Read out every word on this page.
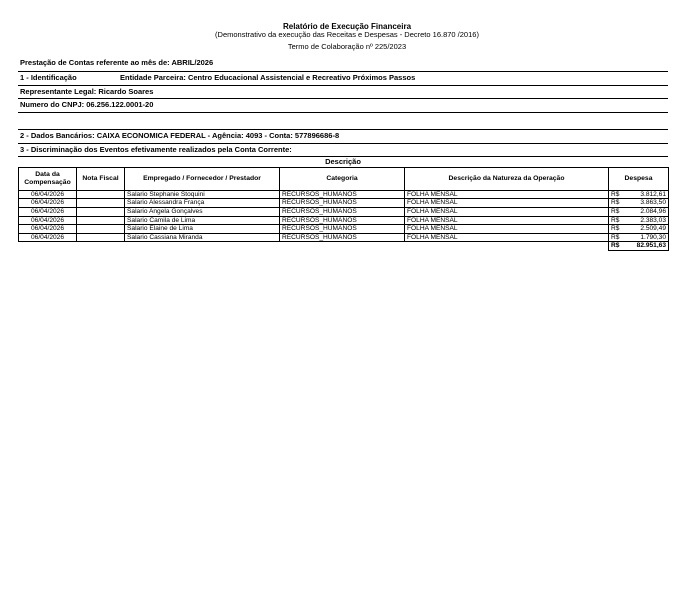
Relatório de Execução Financeira
(Demonstrativo da execução das Receitas e Despesas - Decreto 16.870 /2016)
Termo de Colaboração nº 225/2023
Prestação de Contas referente ao mês de: ABRIL/2026
1 - Identificação	Entidade Parceira: Centro Educacional Assistencial e Recreativo Próximos Passos
Representante Legal: Ricardo Soares
Numero do CNPJ: 06.256.122.0001-20
2 - Dados Bancários: CAIXA ECONOMICA FEDERAL - Agência: 4093 - Conta: 577896686-8
3 - Discriminação dos Eventos efetivamente realizados pela Conta Corrente:
Descrição
Data da Compensação	Nota Fiscal	Empregado / Fornecedor / Prestador	Categoria	Descrição da Natureza da Operação	Despesa
06/04/2026		Salario Stephanie Stoquini	RECURSOS_HUMANOS	FOLHA MENSAL	R$ 3.812,61
06/04/2026		Salario Alessandra França	RECURSOS_HUMANOS	FOLHA MENSAL	R$ 3.863,50
06/04/2026		Salario Angela Gonçalves	RECURSOS_HUMANOS	FOLHA MENSAL	R$ 2.084,96
06/04/2026		Salario Camila de Lima	RECURSOS_HUMANOS	FOLHA MENSAL	R$ 2.383,03
06/04/2026		Salario Elaine de Lima	RECURSOS_HUMANOS	FOLHA MENSAL	R$ 2.509,49
06/04/2026		Salario Cassiana Miranda	RECURSOS_HUMANOS	FOLHA MENSAL	R$ 1.790,30

					R$ 82.951,63
